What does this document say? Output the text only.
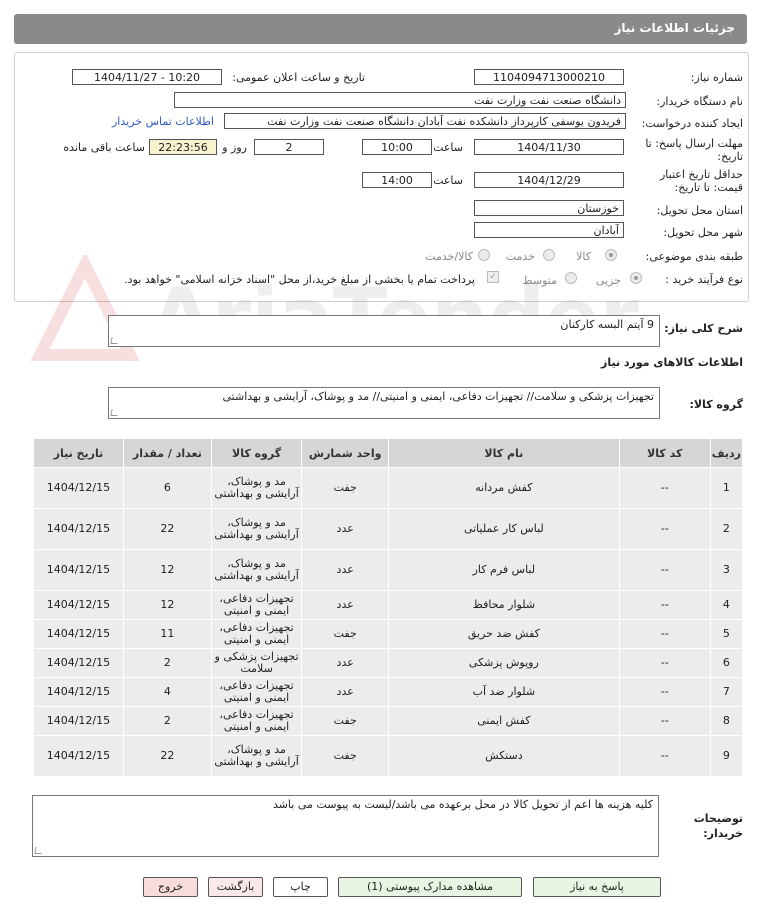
جزئیات اطلاعات نیاز
شماره نیاز:
1104094713000210
تاریخ و ساعت اعلان عمومی:
1404/11/27 - 10:20
نام دستگاه خریدار:
دانشگاه صنعت نفت وزارت نفت
ایجاد کننده درخواست:
فریدون یوسفی کارپرداز دانشکده نفت آبادان دانشگاه صنعت نفت وزارت نفت
اطلاعات تماس خریدار
مهلت ارسال پاسخ: تا
تاریخ:
1404/11/30
ساعت
10:00
2
روز و
22:23:56
ساعت باقی مانده
حداقل تاریخ اعتبار
قیمت: تا تاریخ:
1404/12/29
ساعت
14:00
استان محل تحویل:
خوزستان
شهر محل تحویل:
آبادان
طبقه بندی موضوعی:
کالا
خدمت
کالا/خدمت
نوع فرآیند خرید :
جزیی
متوسط
✓
پرداخت تمام یا بخشی از مبلغ خرید،از محل "اسناد خزانه اسلامی" خواهد بود.
شرح کلی نیاز:
9 آیتم البسه کارکنان
اطلاعات کالاهای مورد نیاز
گروه کالا:
تجهیزات پزشکی و سلامت// تجهیزات دفاعی، ایمنی و امنیتی// مد و پوشاک، آرایشی و بهداشتی
ردیف	کد کالا	نام کالا	واحد شمارش	گروه کالا	تعداد / مقدار	تاریخ نیاز
1	--	کفش مردانه	جفت	مد و پوشاک، آرایشی و بهداشتی	6	1404/12/15
2	--	لباس کار عملیاتی	عدد	مد و پوشاک، آرایشی و بهداشتی	22	1404/12/15
3	--	لباس فرم کار	عدد	مد و پوشاک، آرایشی و بهداشتی	12	1404/12/15
4	--	شلوار محافظ	عدد	تجهیزات دفاعی، ایمنی و امنیتی	12	1404/12/15
5	--	کفش ضد حریق	جفت	تجهیزات دفاعی، ایمنی و امنیتی	11	1404/12/15
6	--	روپوش پزشکی	عدد	تجهیزات پزشکی و سلامت	2	1404/12/15
7	--	شلوار ضد آب	عدد	تجهیزات دفاعی، ایمنی و امنیتی	4	1404/12/15
8	--	کفش ایمنی	جفت	تجهیزات دفاعی، ایمنی و امنیتی	2	1404/12/15
9	--	دستکش	جفت	مد و پوشاک، آرایشی و بهداشتی	22	1404/12/15
توضیحات
خریدار:
کلیه هزینه ها اعم از تحویل کالا در محل برعهده می باشد/لیست به پیوست می باشد
پاسخ به نیاز
مشاهده مدارک پیوستی (1)
چاپ
بازگشت
خروج
